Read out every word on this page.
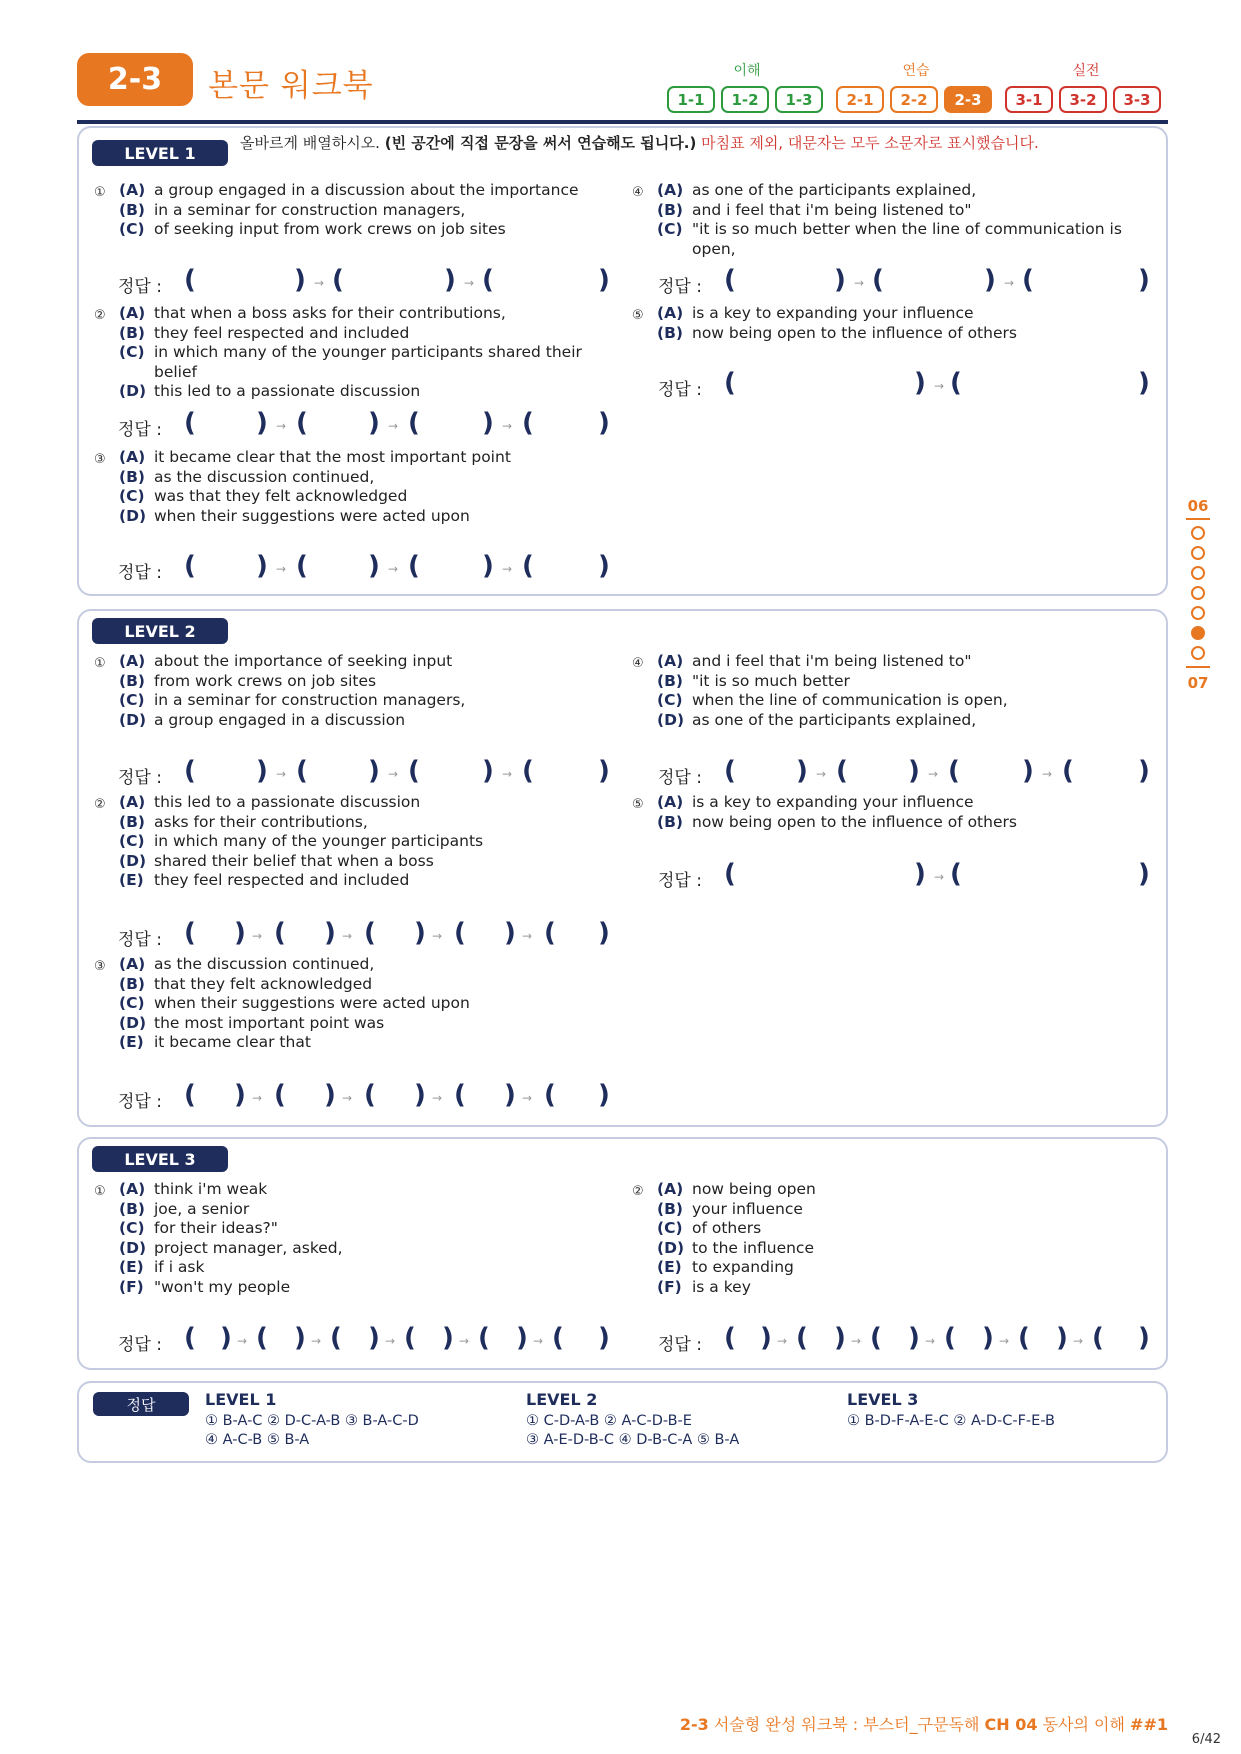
2-3	본문 워크북	이해	연습	실전
1-1	1-2	1-3	2-1	2-2	2-3	3-1	3-2	3-3
LEVEL 1
올바르게 배열하시오. (빈 공간에 직접 문장을 써서 연습해도 됩니다.) 마침표 제외, 대문자는 모두 소문자로 표시했습니다.
① (A) a group engaged in a discussion about the importance
(B) in a seminar for construction managers,
(C) of seeking input from work crews on job sites
④ (A) as one of the participants explained,
(B) and i feel that i'm being listened to"
(C) "it is so much better when the line of communication is open,
정답 : (	) → (	) → (	)	정답 : (	) → (	) → (	)
② (A) that when a boss asks for their contributions,
(B) they feel respected and included
(C) in which many of the younger participants shared their belief
(D) this led to a passionate discussion
⑤ (A) is a key to expanding your influence
(B) now being open to the influence of others
정답 : (	) → (	)
정답 : ( ) → ( ) → ( ) → ( )
③ (A) it became clear that the most important point
(B) as the discussion continued,
(C) was that they felt acknowledged
(D) when their suggestions were acted upon
정답 : ( ) → ( ) → ( ) → ( )
LEVEL 2
① (A) about the importance of seeking input
(B) from work crews on job sites
(C) in a seminar for construction managers,
(D) a group engaged in a discussion
④ (A) and i feel that i'm being listened to"
(B) "it is so much better
(C) when the line of communication is open,
(D) as one of the participants explained,
정답 : ( ) → ( ) → ( ) → ( )	정답 : ( ) → ( ) → ( ) → ( )
② (A) this led to a passionate discussion
(B) asks for their contributions,
(C) in which many of the younger participants
(D) shared their belief that when a boss
(E) they feel respected and included
⑤ (A) is a key to expanding your influence
(B) now being open to the influence of others
정답 : (	) → (	)
정답 : ( ) → ( ) → ( ) → ( ) → ( )
③ (A) as the discussion continued,
(B) that they felt acknowledged
(C) when their suggestions were acted upon
(D) the most important point was
(E) it became clear that
정답 : ( ) → ( ) → ( ) → ( ) → ( )
LEVEL 3
① (A) think i'm weak
(B) joe, a senior
(C) for their ideas?"
(D) project manager, asked,
(E) if i ask
(F) "won't my people
② (A) now being open
(B) your influence
(C) of others
(D) to the influence
(E) to expanding
(F) is a key
정답 : ( ) → ( ) → ( ) → ( ) → ( ) → ( )	정답 : ( ) → ( ) → ( ) → ( ) → ( ) → ( )
정답	LEVEL 1
① B-A-C ② D-C-A-B ③ B-A-C-D
④ A-C-B ⑤ B-A
LEVEL 2
① C-D-A-B ② A-C-D-B-E
③ A-E-D-B-C ④ D-B-C-A ⑤ B-A
LEVEL 3
① B-D-F-A-E-C ② A-D-C-F-E-B
06
07
2-3 서술형 완성 워크북 : 부스터_구문독해 CH 04 동사의 이해 ##1
6/42
